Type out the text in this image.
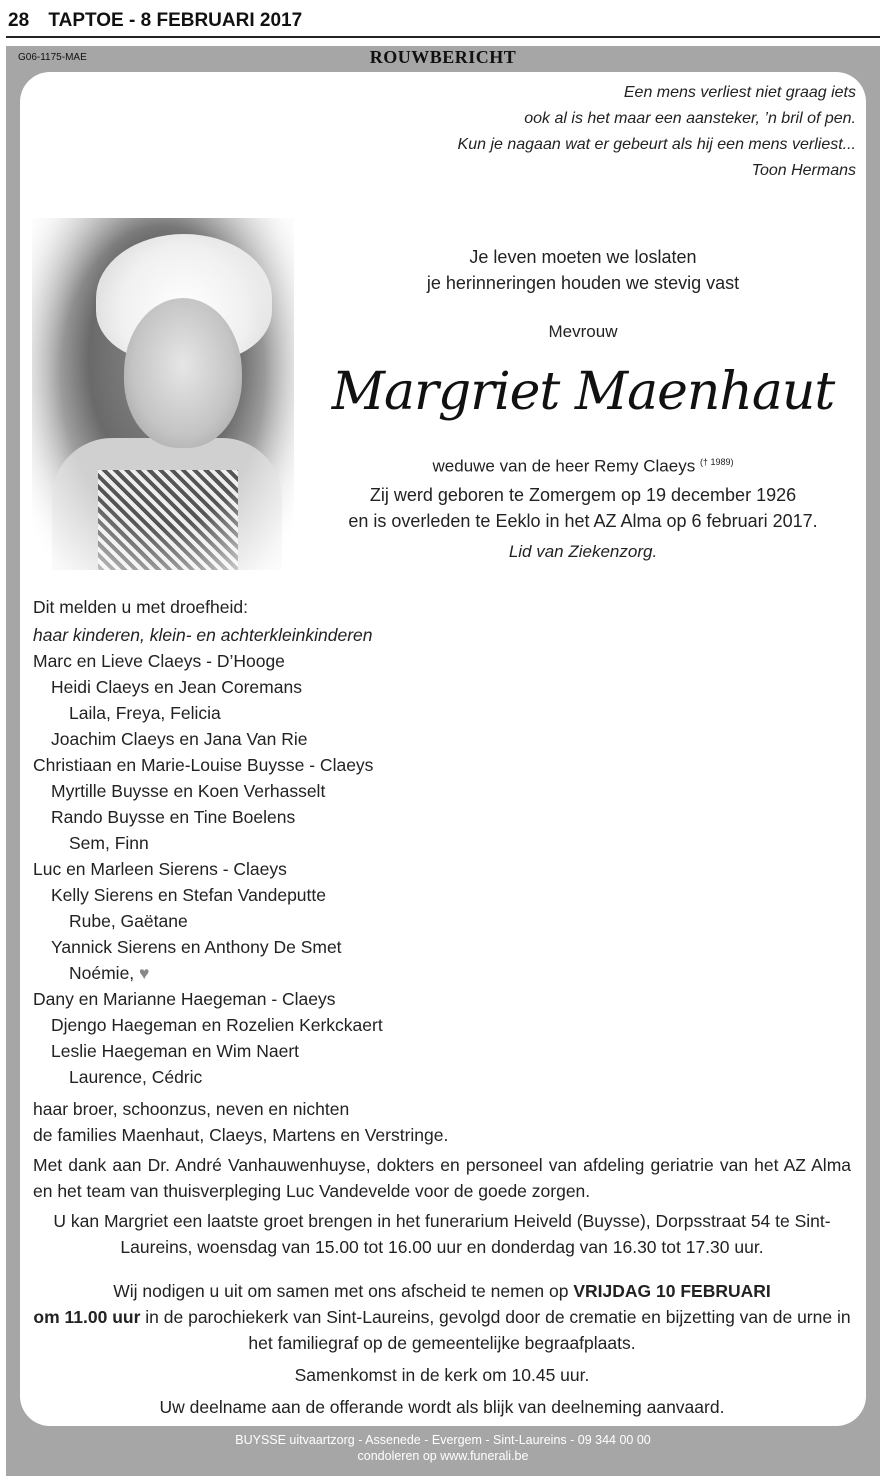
28 TAPTOE - 8 FEBRUARI 2017
G06-1175-MAE	ROUWBERICHT
Een mens verliest niet graag iets
ook al is het maar een aansteker, ’n bril of pen.
Kun je nagaan wat er gebeurt als hij een mens verliest...
Toon Hermans
Je leven moeten we loslaten
je herinneringen houden we stevig vast
Mevrouw
Margriet Maenhaut
weduwe van de heer Remy Claeys $^{(\dagger 1989)}$
Zij werd geboren te Zomergem op 19 december 1926
en is overleden te Eeklo in het AZ Alma op 6 februari 2017.
Lid van Ziekenzorg.
Dit melden u met droefheid:
haar kinderen, klein- en achterkleinkinderen
Marc en Lieve Claeys - D’Hooge
Heidi Claeys en Jean Coremans
Laila, Freya, Felicia
Joachim Claeys en Jana Van Rie
Christiaan en Marie-Louise Buysse - Claeys
Myrtille Buysse en Koen Verhasselt
Rando Buysse en Tine Boelens
Sem, Finn
Luc en Marleen Sierens - Claeys
Kelly Sierens en Stefan Vandeputte
Rube, Gaëtane
Yannick Sierens en Anthony De Smet
Noémie, ♥
Dany en Marianne Haegeman - Claeys
Djengo Haegeman en Rozelien Kerkckaert
Leslie Haegeman en Wim Naert
Laurence, Cédric
haar broer, schoonzus, neven en nichten
de families Maenhaut, Claeys, Martens en Verstringe.
Met dank aan Dr. André Vanhauwenhuyse, dokters en personeel van afdeling geriatrie van het AZ Alma en het team van thuisverpleging Luc Vandevelde voor de goede zorgen.
U kan Margriet een laatste groet brengen in het funerarium Heiveld (Buysse), Dorpsstraat 54 te Sint-Laureins, woensdag van 15.00 tot 16.00 uur en donderdag van 16.30 tot 17.30 uur.
Wij nodigen u uit om samen met ons afscheid te nemen op VRIJDAG 10 FEBRUARI
om 11.00 uur in de parochiekerk van Sint-Laureins, gevolgd door de crematie en bijzetting van de urne in het familiegraf op de gemeentelijke begraafplaats.
Samenkomst in de kerk om 10.45 uur.
Uw deelname aan de offerande wordt als blijk van deelneming aanvaard.
BUYSSE uitvaartzorg - Assenede - Evergem - Sint-Laureins - 09 344 00 00
condoleren op www.funerali.be
